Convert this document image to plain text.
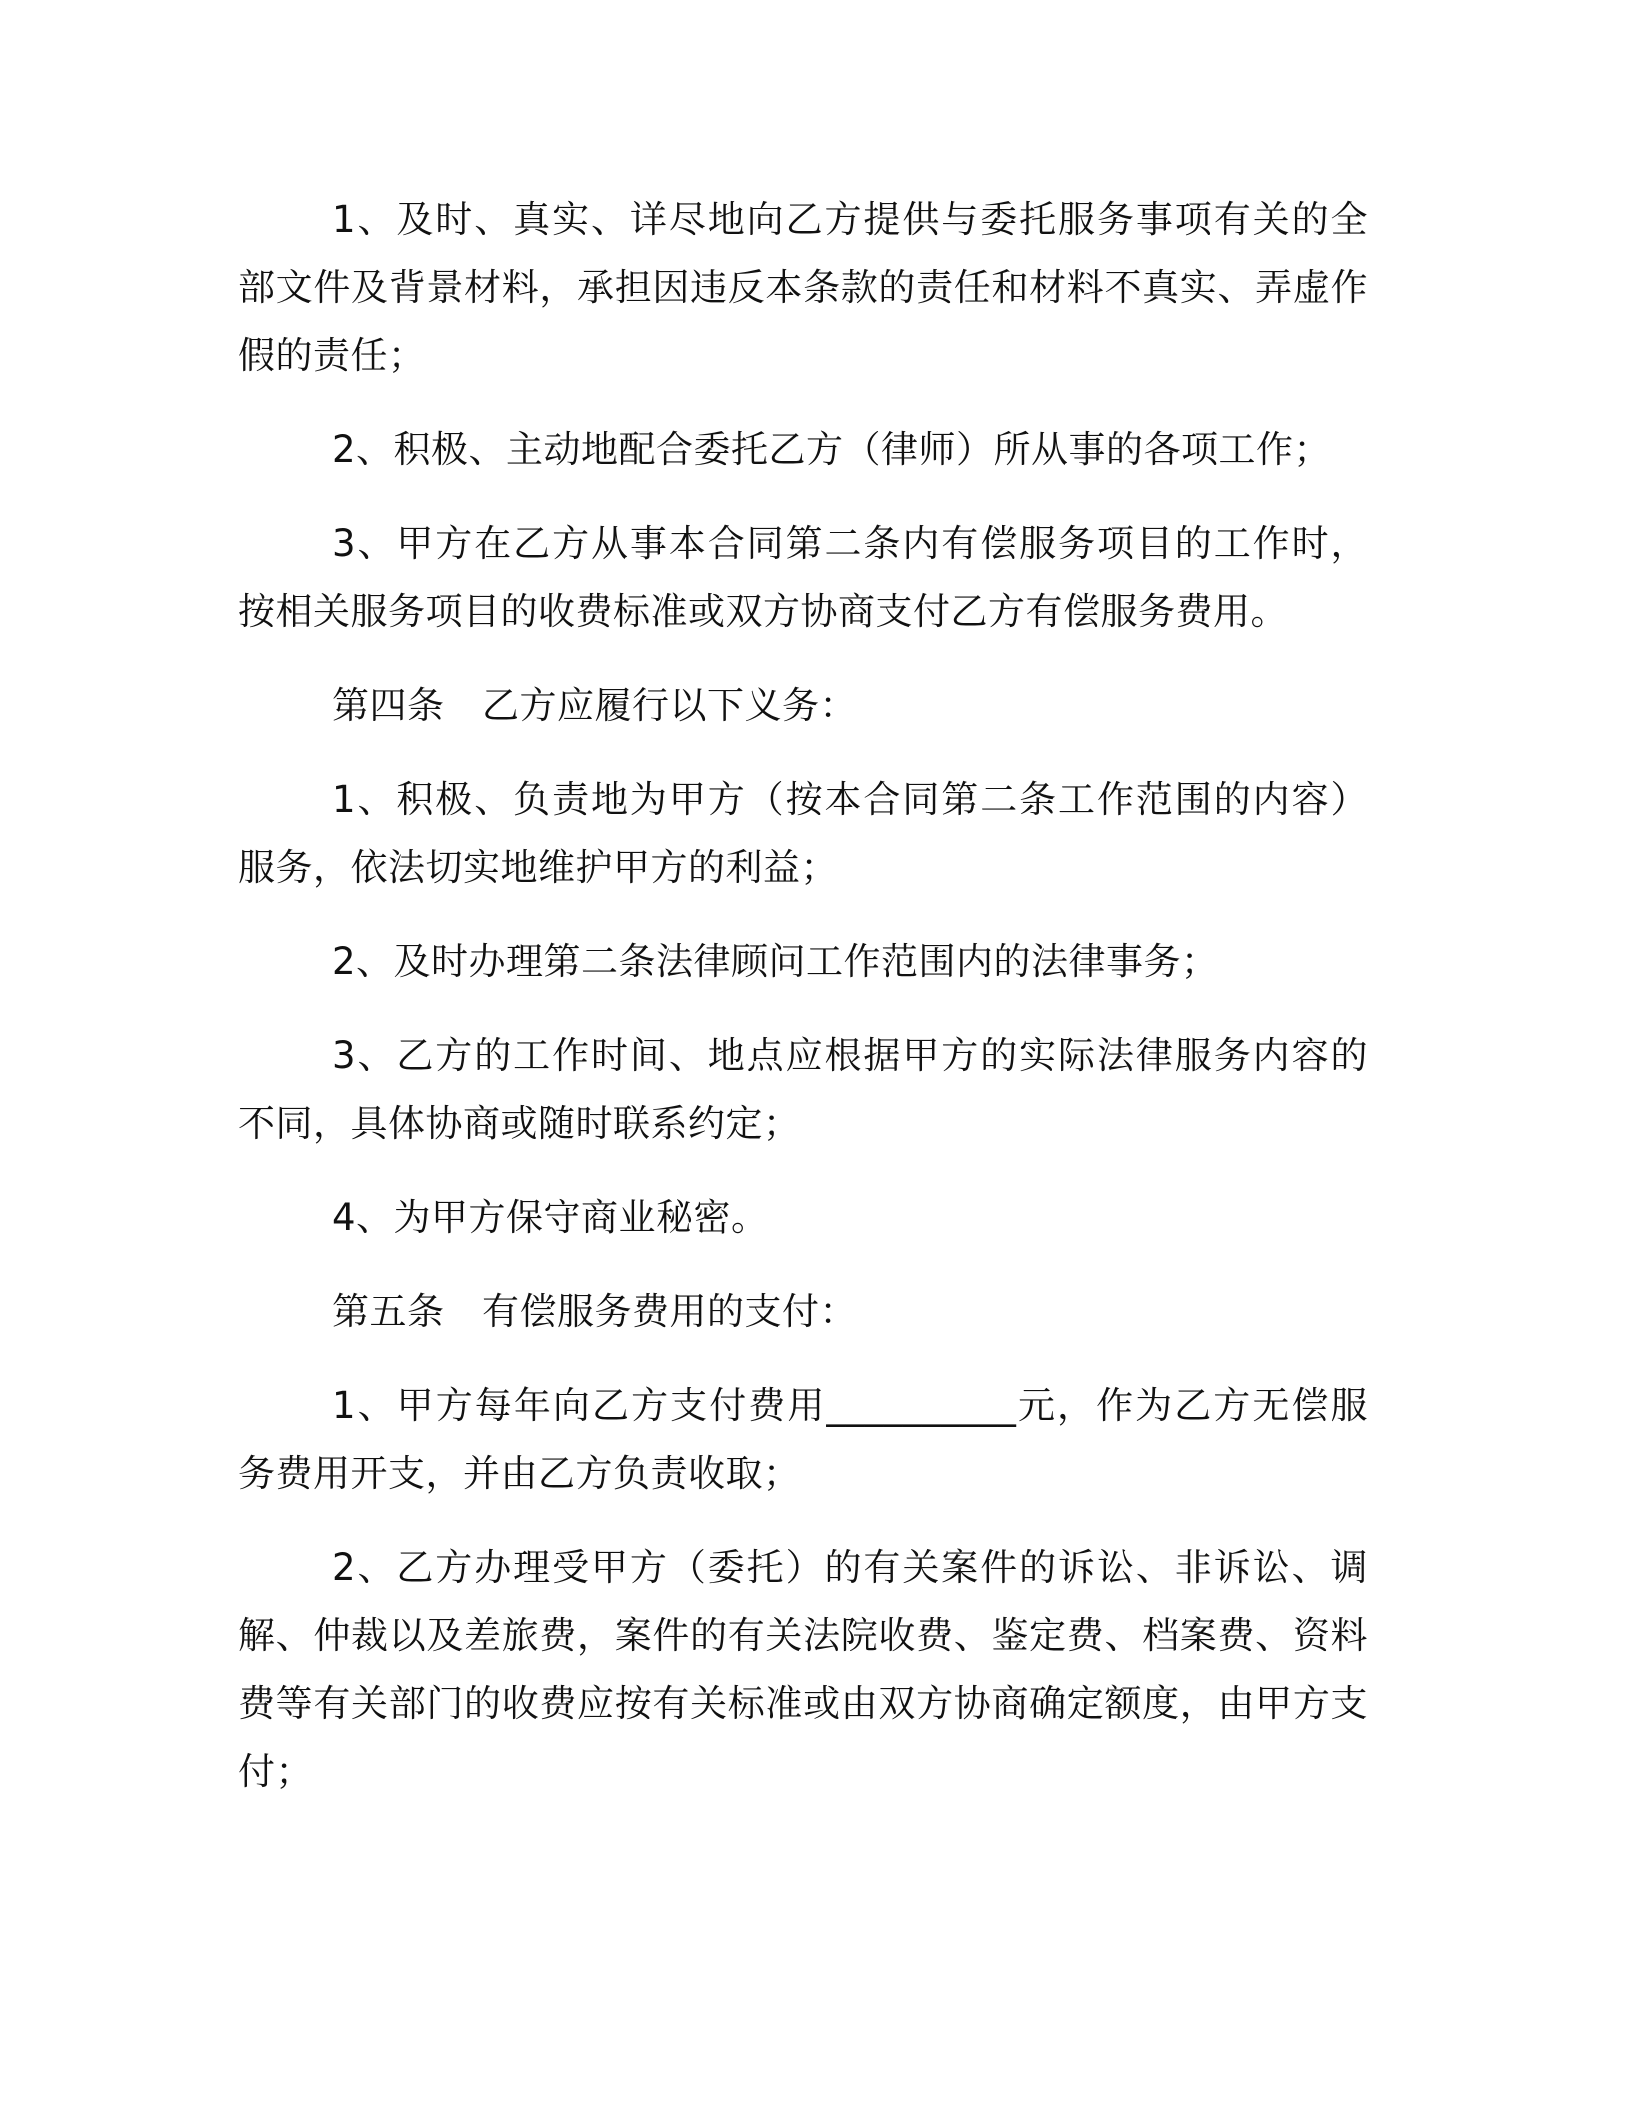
1、及时、真实、详尽地向乙方提供与委托服务事项有关的全部文件及背景材料，承担因违反本条款的责任和材料不真实、弄虚作假的责任；

2、积极、主动地配合委托乙方（律师）所从事的各项工作；

3、甲方在乙方从事本合同第二条内有偿服务项目的工作时，按相关服务项目的收费标准或双方协商支付乙方有偿服务费用。

第四条　乙方应履行以下义务：

1、积极、负责地为甲方（按本合同第二条工作范围的内容）服务，依法切实地维护甲方的利益；

2、及时办理第二条法律顾问工作范围内的法律事务；

3、乙方的工作时间、地点应根据甲方的实际法律服务内容的不同，具体协商或随时联系约定；

4、为甲方保守商业秘密。

第五条　有偿服务费用的支付：

1、甲方每年向乙方支付费用__________元，作为乙方无偿服务费用开支，并由乙方负责收取；

2、乙方办理受甲方（委托）的有关案件的诉讼、非诉讼、调解、仲裁以及差旅费，案件的有关法院收费、鉴定费、档案费、资料费等有关部门的收费应按有关标准或由双方协商确定额度，由甲方支付；
